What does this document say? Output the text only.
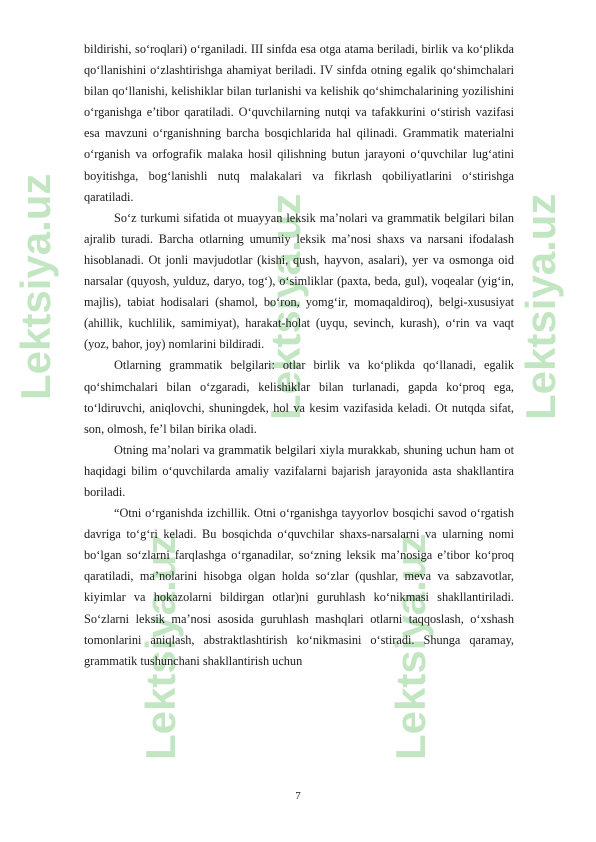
Lektsiya.uz
Lektsiya.uz
Lektsiya.uz
Lektsiya.uz
Lektsiya.uz

bildirishi, so‘roqlari) o‘rganiladi. III sinfda esa otga atama beriladi, birlik va ko‘plikda qo‘llanishini o‘zlashtirishga ahamiyat beriladi. IV sinfda otning egalik qo‘shimchalari bilan qo‘llanishi, kelishiklar bilan turlanishi va kelishik qo‘shimchalarining yozilishini o‘rganishga e’tibor qaratiladi. O‘quvchilarning nutqi va tafakkurini o‘stirish vazifasi esa mavzuni o‘rganishning barcha bosqichlarida hal qilinadi. Grammatik materialni o‘rganish va orfografik malaka hosil qilishning butun jarayoni o‘quvchilar lug‘atini boyitishga, bog‘lanishli nutq malakalari va fikrlash qobiliyatlarini o‘stirishga qaratiladi.

So‘z turkumi sifatida ot muayyan leksik ma’nolari va grammatik belgilari bilan ajralib turadi. Barcha otlarning umumiy leksik ma’nosi shaxs va narsani ifodalash hisoblanadi. Ot jonli mavjudotlar (kishi, qush, hayvon, asalari), yer va osmonga oid narsalar (quyosh, yulduz, daryo, tog‘), o‘simliklar (paxta, beda, gul), voqealar (yig‘in, majlis), tabiat hodisalari (shamol, bo‘ron, yomg‘ir, momaqaldiroq), belgi-xususiyat (ahillik, kuchlilik, samimiyat), harakat-holat (uyqu, sevinch, kurash), o‘rin va vaqt (yoz, bahor, joy) nomlarini bildiradi.

Otlarning grammatik belgilari: otlar birlik va ko‘plikda qo‘llanadi, egalik qo‘shimchalari bilan o‘zgaradi, kelishiklar bilan turlanadi, gapda ko‘proq ega, to‘ldiruvchi, aniqlovchi, shuningdek, hol va kesim vazifasida keladi. Ot nutqda sifat, son, olmosh, fe’l bilan birika oladi.

Otning ma’nolari va grammatik belgilari xiyla murakkab, shuning uchun ham ot haqidagi bilim o‘quvchilarda amaliy vazifalarni bajarish jarayonida asta shakllantira boriladi.

“Otni o‘rganishda izchillik. Otni o‘rganishga tayyorlov bosqichi savod o‘rgatish davriga to‘g‘ri keladi. Bu bosqichda o‘quvchilar shaxs-narsalarni va ularning nomi bo‘lgan so‘zlarni farqlashga o‘rganadilar, so‘zning leksik ma’nosiga e’tibor ko‘proq qaratiladi, ma’nolarini hisobga olgan holda so‘zlar (qushlar, meva va sabzavotlar, kiyimlar va hokazolarni bildirgan otlar)ni guruhlash ko‘nikmasi shakllantiriladi. So‘zlarni leksik ma’nosi asosida guruhlash mashqlari otlarni taqqoslash, o‘xshash tomonlarini aniqlash, abstraktlashtirish ko‘nikmasini o‘stiradi. Shunga qaramay, grammatik tushunchani shakllantirish uchun

7
